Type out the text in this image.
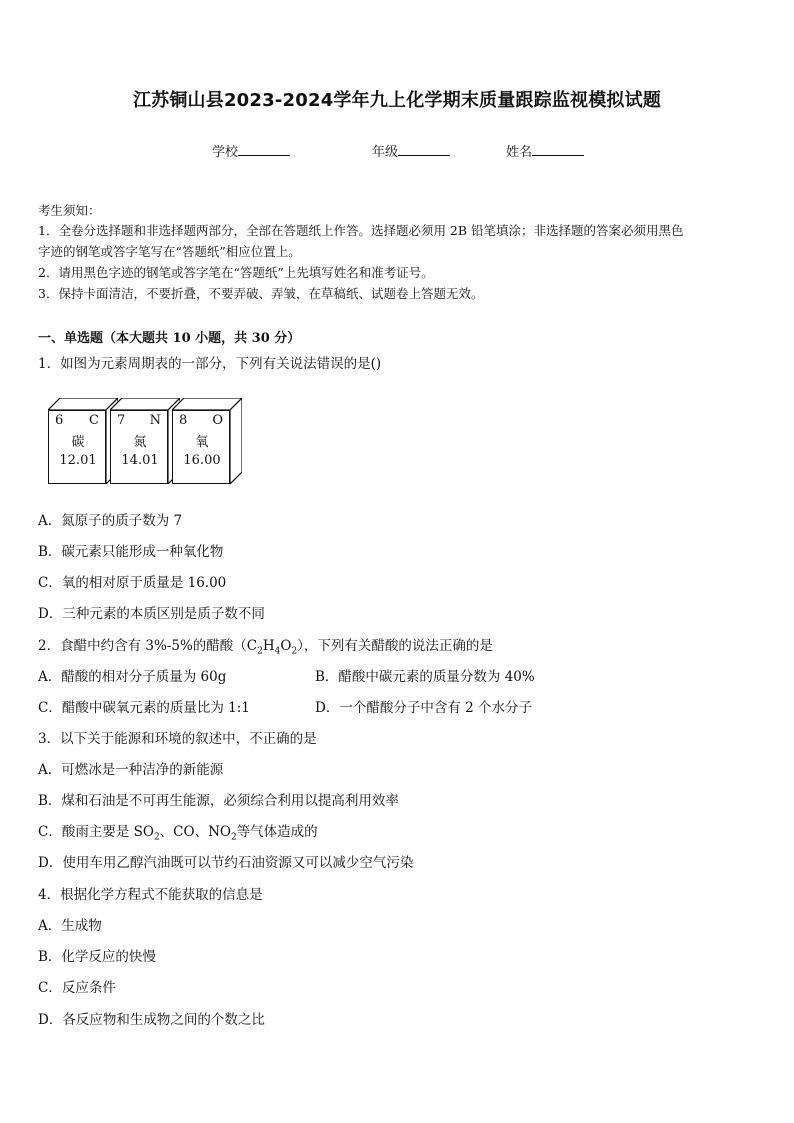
江苏铜山县2023-2024学年九上化学期末质量跟踪监视模拟试题
学校	年级	姓名
考生须知：
1．全卷分选择题和非选择题两部分，全部在答题纸上作答。选择题必须用 2B 铅笔填涂；非选择题的答案必须用黑色
字迹的钢笔或答字笔写在“答题纸”相应位置上。
2．请用黑色字迹的钢笔或答字笔在“答题纸”上先填写姓名和准考证号。
3．保持卡面清洁，不要折叠，不要弄破、弄皱，在草稿纸、试题卷上答题无效。
一、单选题（本大题共 10 小题，共 30 分）
1．如图为元素周期表的一部分，下列有关说法错误的是()
6 C
碳
12.01
7 N
氮
14.01
8 O
氧
16.00
A．氮原子的质子数为 7
B．碳元素只能形成一种氧化物
C．氧的相对原于质量是 16.00
D．三种元素的本质区别是质子数不同
2．食醋中约含有 3%-5%的醋酸$(C_2H_4O_2)$，下列有关醋酸的说法正确的是
A．醋酸的相对分子质量为 60g	B．醋酸中碳元素的质量分数为 40%
C．醋酸中碳氧元素的质量比为 1:1	D．一个醋酸分子中含有 2 个水分子
3．以下关于能源和环境的叙述中，不正确的是
A．可燃冰是一种洁净的新能源
B．煤和石油是不可再生能源，必须综合利用以提高利用效率
C．酸雨主要是 $SO_2$、CO、$NO_2$等气体造成的
D．使用车用乙醇汽油既可以节约石油资源又可以减少空气污染
4．根据化学方程式不能获取的信息是
A．生成物
B．化学反应的快慢
C．反应条件
D．各反应物和生成物之间的个数之比
